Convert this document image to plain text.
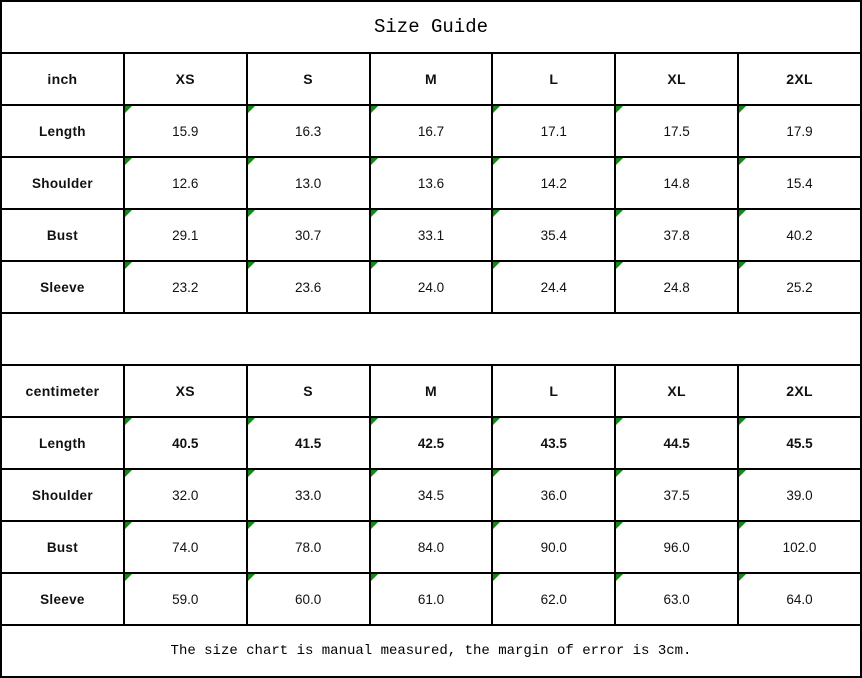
Size Guide						
inch	XS	S	M	L	XL	2XL
Length	15.9	16.3	16.7	17.1	17.5	17.9
Shoulder	12.6	13.0	13.6	14.2	14.8	15.4
Bust	29.1	30.7	33.1	35.4	37.8	40.2
Sleeve	23.2	23.6	24.0	24.4	24.8	25.2

centimeter	XS	S	M	L	XL	2XL
Length	40.5	41.5	42.5	43.5	44.5	45.5
Shoulder	32.0	33.0	34.5	36.0	37.5	39.0
Bust	74.0	78.0	84.0	90.0	96.0	102.0
Sleeve	59.0	60.0	61.0	62.0	63.0	64.0
The size chart is manual measured, the margin of error is 3cm.						
